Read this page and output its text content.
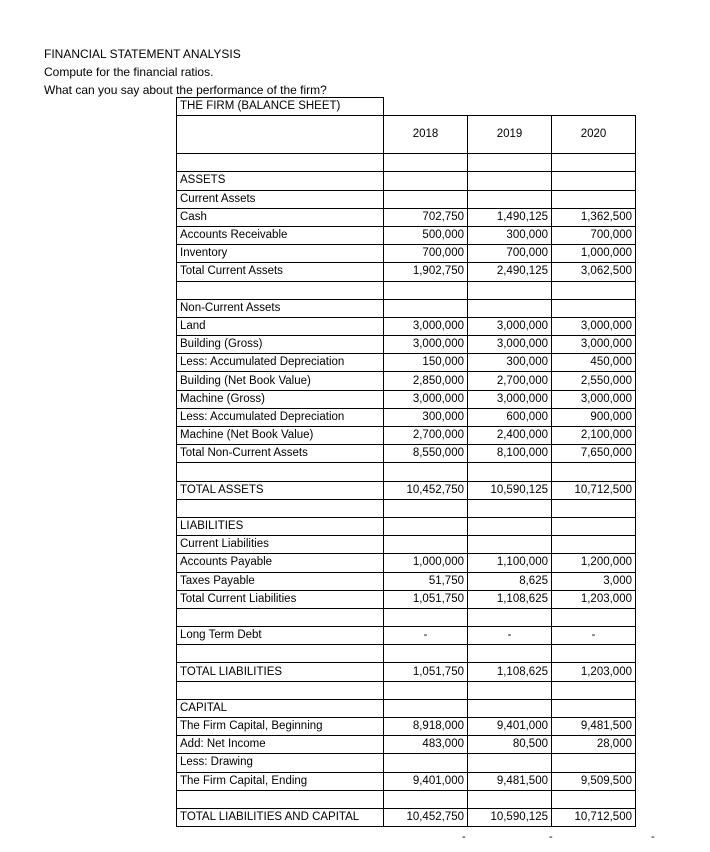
FINANCIAL STATEMENT ANALYSIS
Compute for the financial ratios.
What can you say about the performance of the firm?
THE FIRM (BALANCE SHEET)			
	2018	2019	2020

ASSETS			
Current Assets			
Cash	702,750	1,490,125	1,362,500
Accounts Receivable	500,000	300,000	700,000
Inventory	700,000	700,000	1,000,000
Total Current Assets	1,902,750	2,490,125	3,062,500

Non-Current Assets			
Land	3,000,000	3,000,000	3,000,000
Building (Gross)	3,000,000	3,000,000	3,000,000
Less: Accumulated Depreciation	150,000	300,000	450,000
Building (Net Book Value)	2,850,000	2,700,000	2,550,000
Machine (Gross)	3,000,000	3,000,000	3,000,000
Less: Accumulated Depreciation	300,000	600,000	900,000
Machine (Net Book Value)	2,700,000	2,400,000	2,100,000
Total Non-Current Assets	8,550,000	8,100,000	7,650,000

TOTAL ASSETS	10,452,750	10,590,125	10,712,500

LIABILITIES			
Current Liabilities			
Accounts Payable	1,000,000	1,100,000	1,200,000
Taxes Payable	51,750	8,625	3,000
Total Current Liabilities	1,051,750	1,108,625	1,203,000

Long Term Debt	-	-	-

TOTAL LIABILITIES	1,051,750	1,108,625	1,203,000

CAPITAL			
The Firm Capital, Beginning	8,918,000	9,401,000	9,481,500
Add: Net Income	483,000	80,500	28,000
Less: Drawing			
The Firm Capital, Ending	9,401,000	9,481,500	9,509,500

TOTAL LIABILITIES AND CAPITAL	10,452,750	10,590,125	10,712,500
-	-	-
